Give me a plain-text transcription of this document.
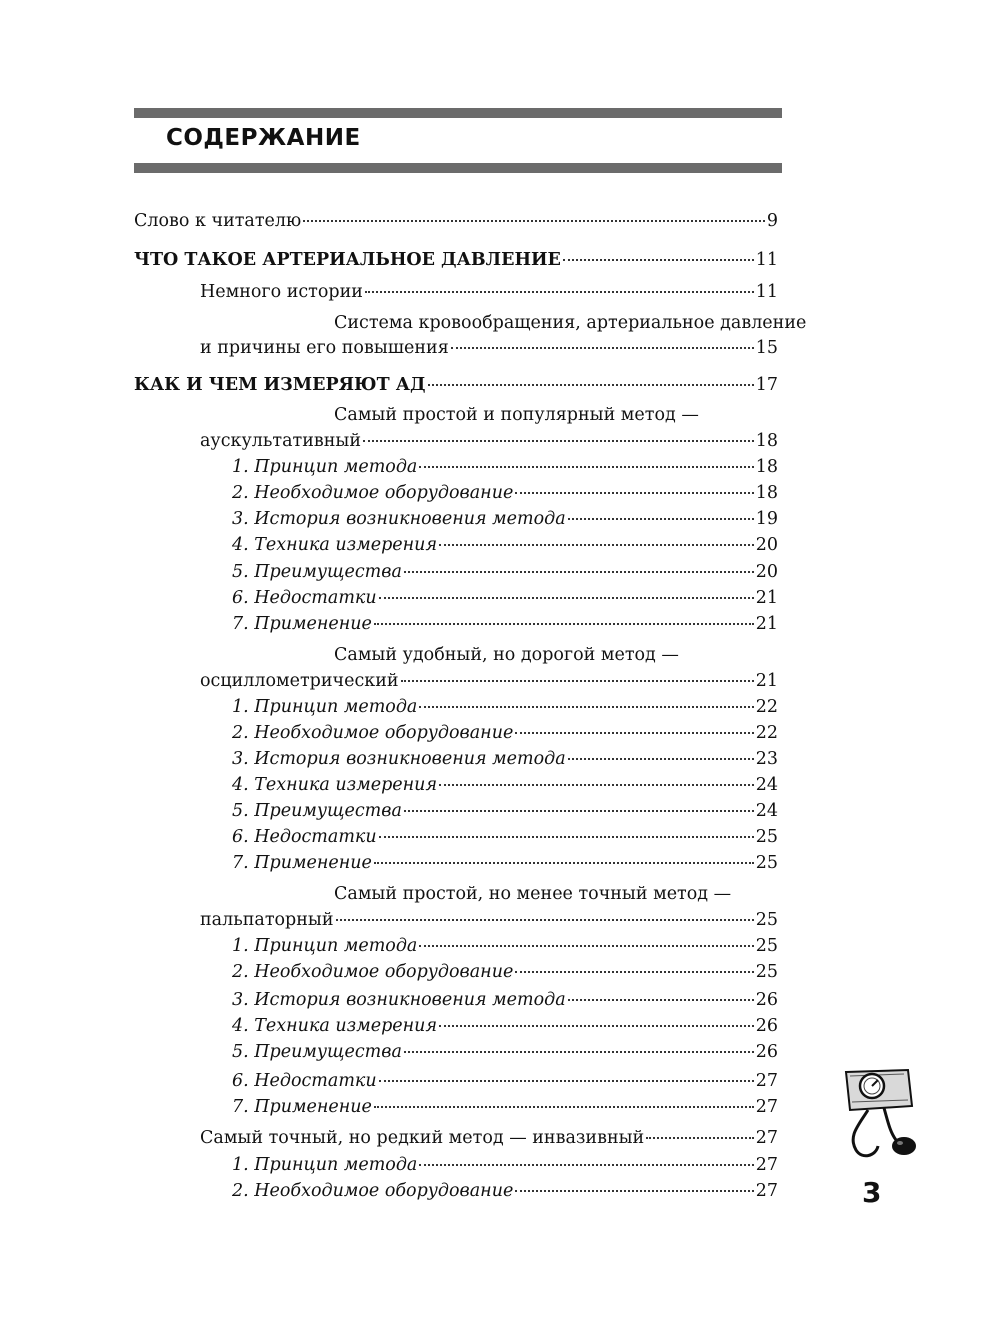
СОДЕРЖАНИЕ
Слово к читателю	9
ЧТО ТАКОЕ АРТЕРИАЛЬНОЕ ДАВЛЕНИЕ	11
Немного истории	11
Система кровообращения, артериальное давление
и причины его повышения	15
КАК И ЧЕМ ИЗМЕРЯЮТ АД	17
Самый простой и популярный метод —
аускультативный	18
1. Принцип метода	18
2. Необходимое оборудование	18
3. История возникновения метода	19
4. Техника измерения	20
5. Преимущества	20
6. Недостатки	21
7. Применение	21
Самый удобный, но дорогой метод —
осциллометрический	21
1. Принцип метода	22
2. Необходимое оборудование	22
3. История возникновения метода	23
4. Техника измерения	24
5. Преимущества	24
6. Недостатки	25
7. Применение	25
Самый простой, но менее точный метод —
пальпаторный	25
1. Принцип метода	25
2. Необходимое оборудование	25
3. История возникновения метода	26
4. Техника измерения	26
5. Преимущества	26
6. Недостатки	27
7. Применение	27
Самый точный, но редкий метод — инвазивный	27
1. Принцип метода	27
2. Необходимое оборудование	27	3
